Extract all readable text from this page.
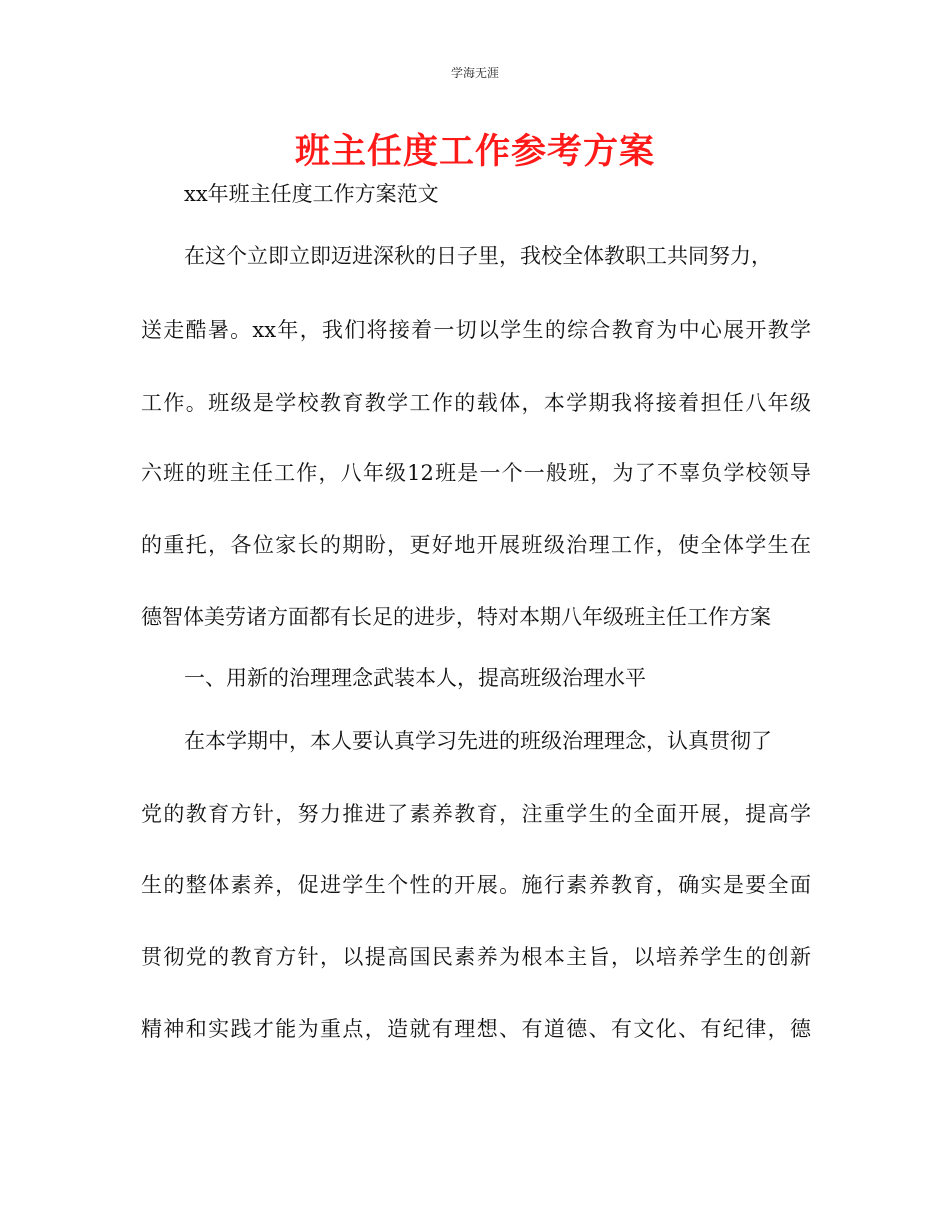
学海无涯
班主任度工作参考方案
xx年班主任度工作方案范文
在这个立即立即迈进深秋的日子里，我校全体教职工共同努力，
送走酷暑。xx年，我们将接着一切以学生的综合教育为中心展开教学
工作。班级是学校教育教学工作的载体，本学期我将接着担任八年级
六班的班主任工作，八年级12班是一个一般班，为了不辜负学校领导
的重托，各位家长的期盼，更好地开展班级治理工作，使全体学生在
德智体美劳诸方面都有长足的进步，特对本期八年级班主任工作方案
一、用新的治理理念武装本人，提高班级治理水平
在本学期中，本人要认真学习先进的班级治理理念，认真贯彻了
党的教育方针，努力推进了素养教育，注重学生的全面开展，提高学
生的整体素养，促进学生个性的开展。施行素养教育，确实是要全面
贯彻党的教育方针，以提高国民素养为根本主旨，以培养学生的创新
精神和实践才能为重点，造就有理想、有道德、有文化、有纪律，德
